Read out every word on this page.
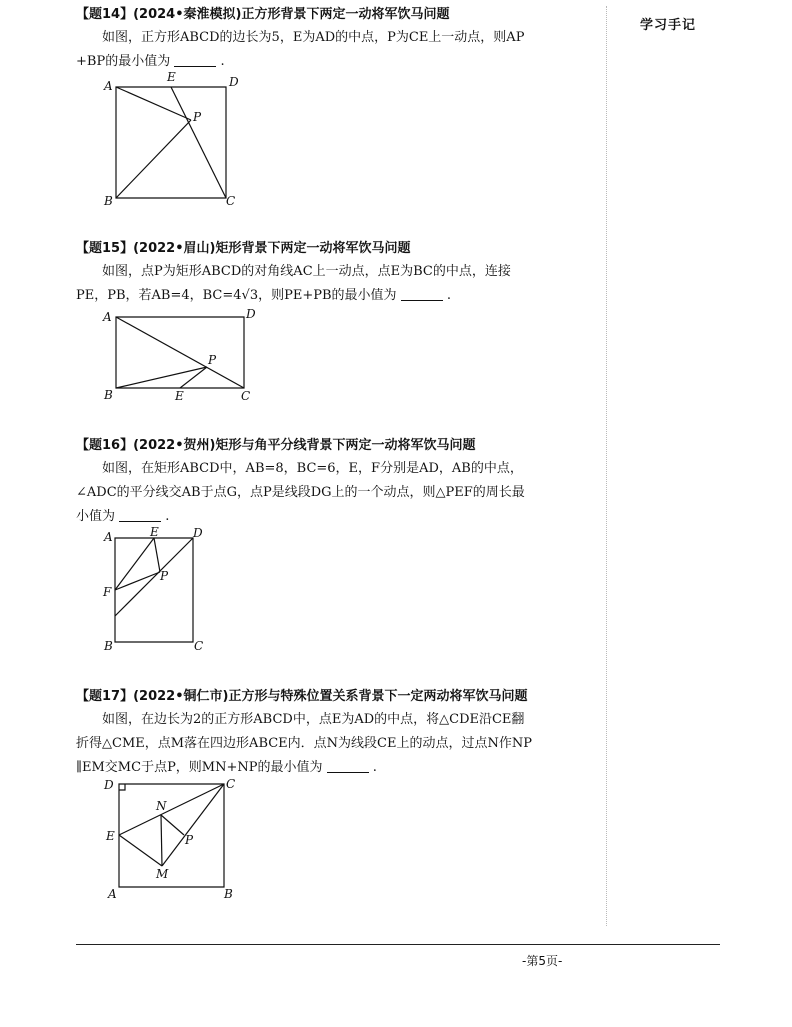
学习手记
【题14】(2024•秦淮模拟)正方形背景下两定一动将军饮马问题
如图，正方形ABCD的边长为5，E为AD的中点，P为CE上一动点，则AP
+BP的最小值为	.
A	D
E
P
B	C
【题15】(2022•眉山)矩形背景下两定一动将军饮马问题
如图，点P为矩形ABCD的对角线AC上一动点，点E为BC的中点，连接
PE，PB，若AB=4，BC=4√3，则PE+PB的最小值为	.
A	D
P
B	E	C
【题16】(2022•贺州)矩形与角平分线背景下两定一动将军饮马问题
如图，在矩形ABCD中，AB=8，BC=6，E，F分别是AD，AB的中点，
∠ADC的平分线交AB于点G，点P是线段DG上的一个动点，则△PEF的周长最
小值为	.
A	E	D
P
F
B	C
【题17】(2022•铜仁市)正方形与特殊位置关系背景下一定两动将军饮马问题
如图，在边长为2的正方形ABCD中，点E为AD的中点，将△CDE沿CE翻
折得△CME，点M落在四边形ABCE内．点N为线段CE上的动点，过点N作NP
∥EM交MC于点P，则MN+NP的最小值为	.
D	C
N
E	P
M
A	B
-第5页-
